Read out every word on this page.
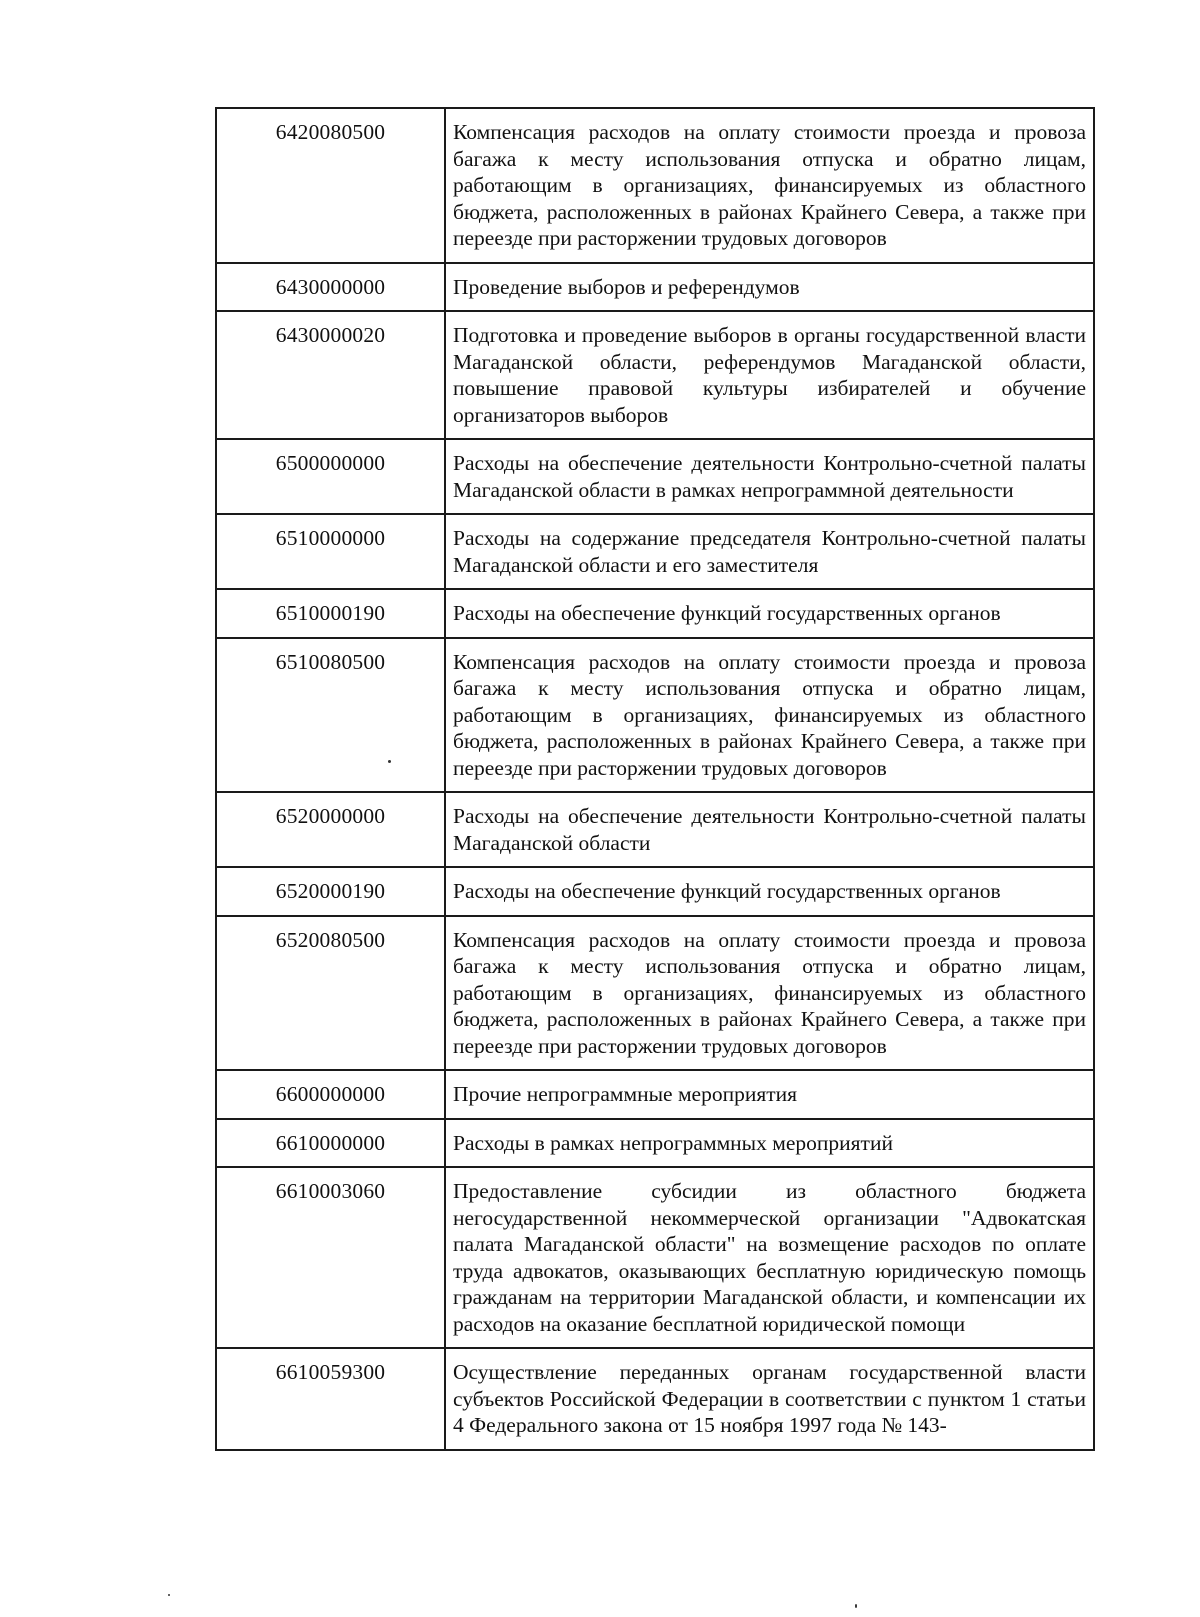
6420080500	Компенсация расходов на оплату стоимости проезда и провоза багажа к месту использования отпуска и обратно лицам, работающим в организациях, финансируемых из областного бюджета, расположенных в районах Крайнего Севера, а также при переезде при расторжении трудовых договоров
6430000000	Проведение выборов и референдумов
6430000020	Подготовка и проведение выборов в органы государственной власти Магаданской области, референдумов Магаданской области, повышение правовой культуры избирателей и обучение организаторов выборов
6500000000	Расходы на обеспечение деятельности Контрольно-счетной палаты Магаданской области в рамках непрограммной деятельности
6510000000	Расходы на содержание председателя Контрольно-счетной палаты Магаданской области и его заместителя
6510000190	Расходы на обеспечение функций государственных органов
6510080500	Компенсация расходов на оплату стоимости проезда и провоза багажа к месту использования отпуска и обратно лицам, работающим в организациях, финансируемых из областного бюджета, расположенных в районах Крайнего Севера, а также при переезде при расторжении трудовых договоров
6520000000	Расходы на обеспечение деятельности Контрольно-счетной палаты Магаданской области
6520000190	Расходы на обеспечение функций государственных органов
6520080500	Компенсация расходов на оплату стоимости проезда и провоза багажа к месту использования отпуска и обратно лицам, работающим в организациях, финансируемых из областного бюджета, расположенных в районах Крайнего Севера, а также при переезде при расторжении трудовых договоров
6600000000	Прочие непрограммные мероприятия
6610000000	Расходы в рамках непрограммных мероприятий
6610003060	Предоставление субсидии из областного бюджета негосударственной некоммерческой организации "Адвокатская палата Магаданской области" на возмещение расходов по оплате труда адвокатов, оказывающих бесплатную юридическую помощь гражданам на территории Магаданской области, и компенсации их расходов на оказание бесплатной юридической помощи
6610059300	Осуществление переданных органам государственной власти субъектов Российской Федерации в соответствии с пунктом 1 статьи 4 Федерального закона от 15 ноября 1997 года № 143-
